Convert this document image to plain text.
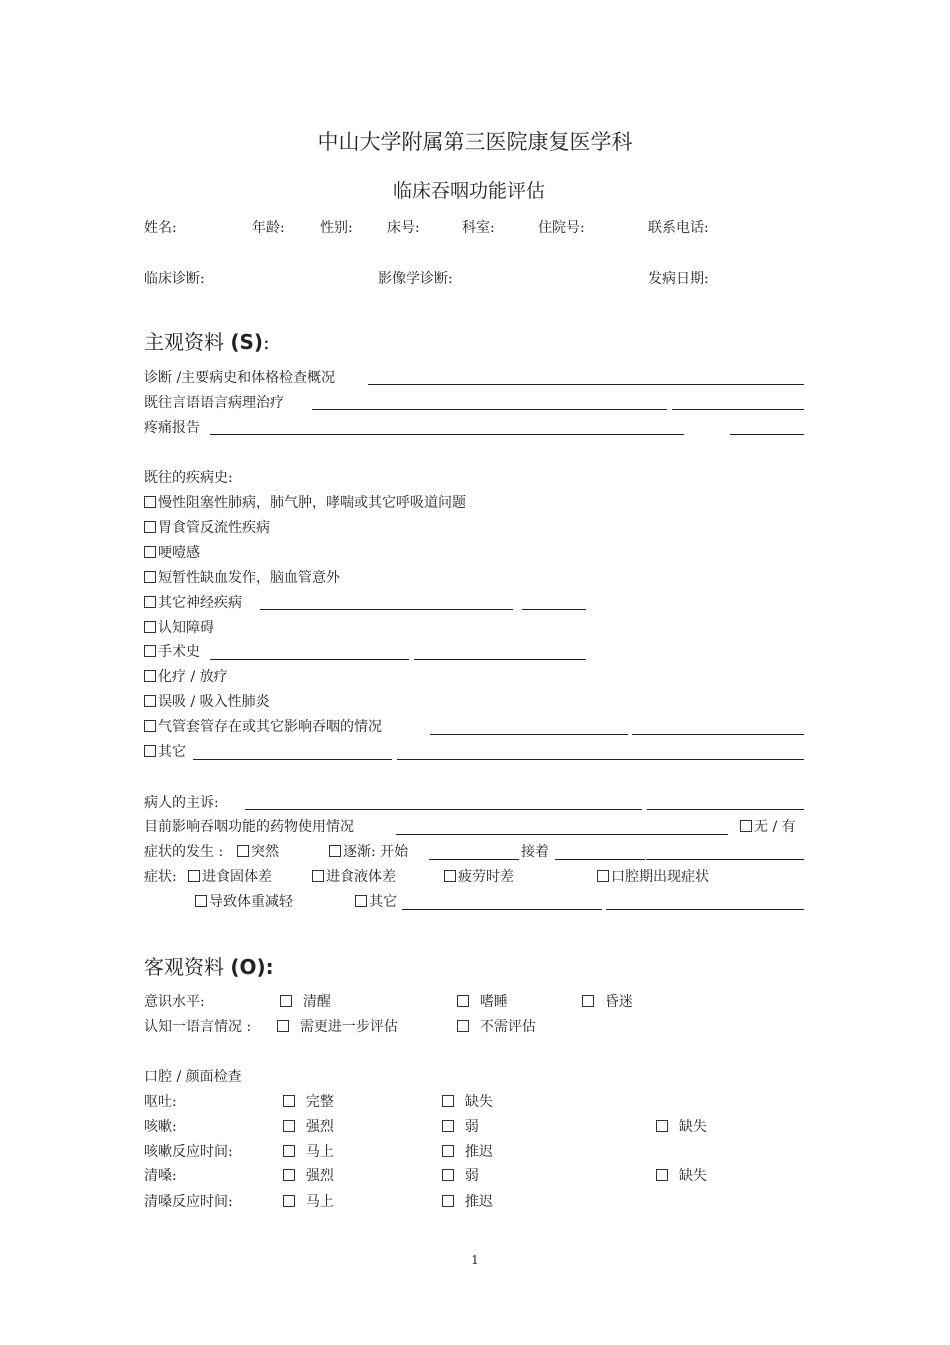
中山大学附属第三医院康复医学科
临床吞咽功能评估
姓名:	年龄:	性别: 床号:	科室:	住院号:	联系电话:
临床诊断:	影像学诊断:	发病日期:
主观资料 (S):
诊断 /主要病史和体格检查概况
既往言语语言病理治疗
疼痛报告
既往的疾病史:
慢性阻塞性肺病，肺气肿，哮喘或其它呼吸道问题
胃食管反流性疾病
哽噎感
短暂性缺血发作，脑血管意外
其它神经疾病
认知障碍
手术史
化疗 / 放疗
误吸 / 吸入性肺炎
气管套管存在或其它影响吞咽的情况
其它
病人的主诉:
目前影响吞咽功能的药物使用情况	无 / 有
症状的发生 :	突然	逐渐: 开始	接着
症状:	进食固体差	进食液体差	疲劳时差	口腔期出现症状
导致体重减轻	其它
客观资料 (O):
意识水平:	清醒	嗜睡	昏迷
认知一语言情况 :	需更进一步评估	不需评估
口腔 / 颜面检查
呕吐:	完整	缺失
咳嗽:	强烈	弱	缺失
咳嗽反应时间:	马上	推迟
清嗓:	强烈	弱	缺失
清嗓反应时间:	马上	推迟
1
